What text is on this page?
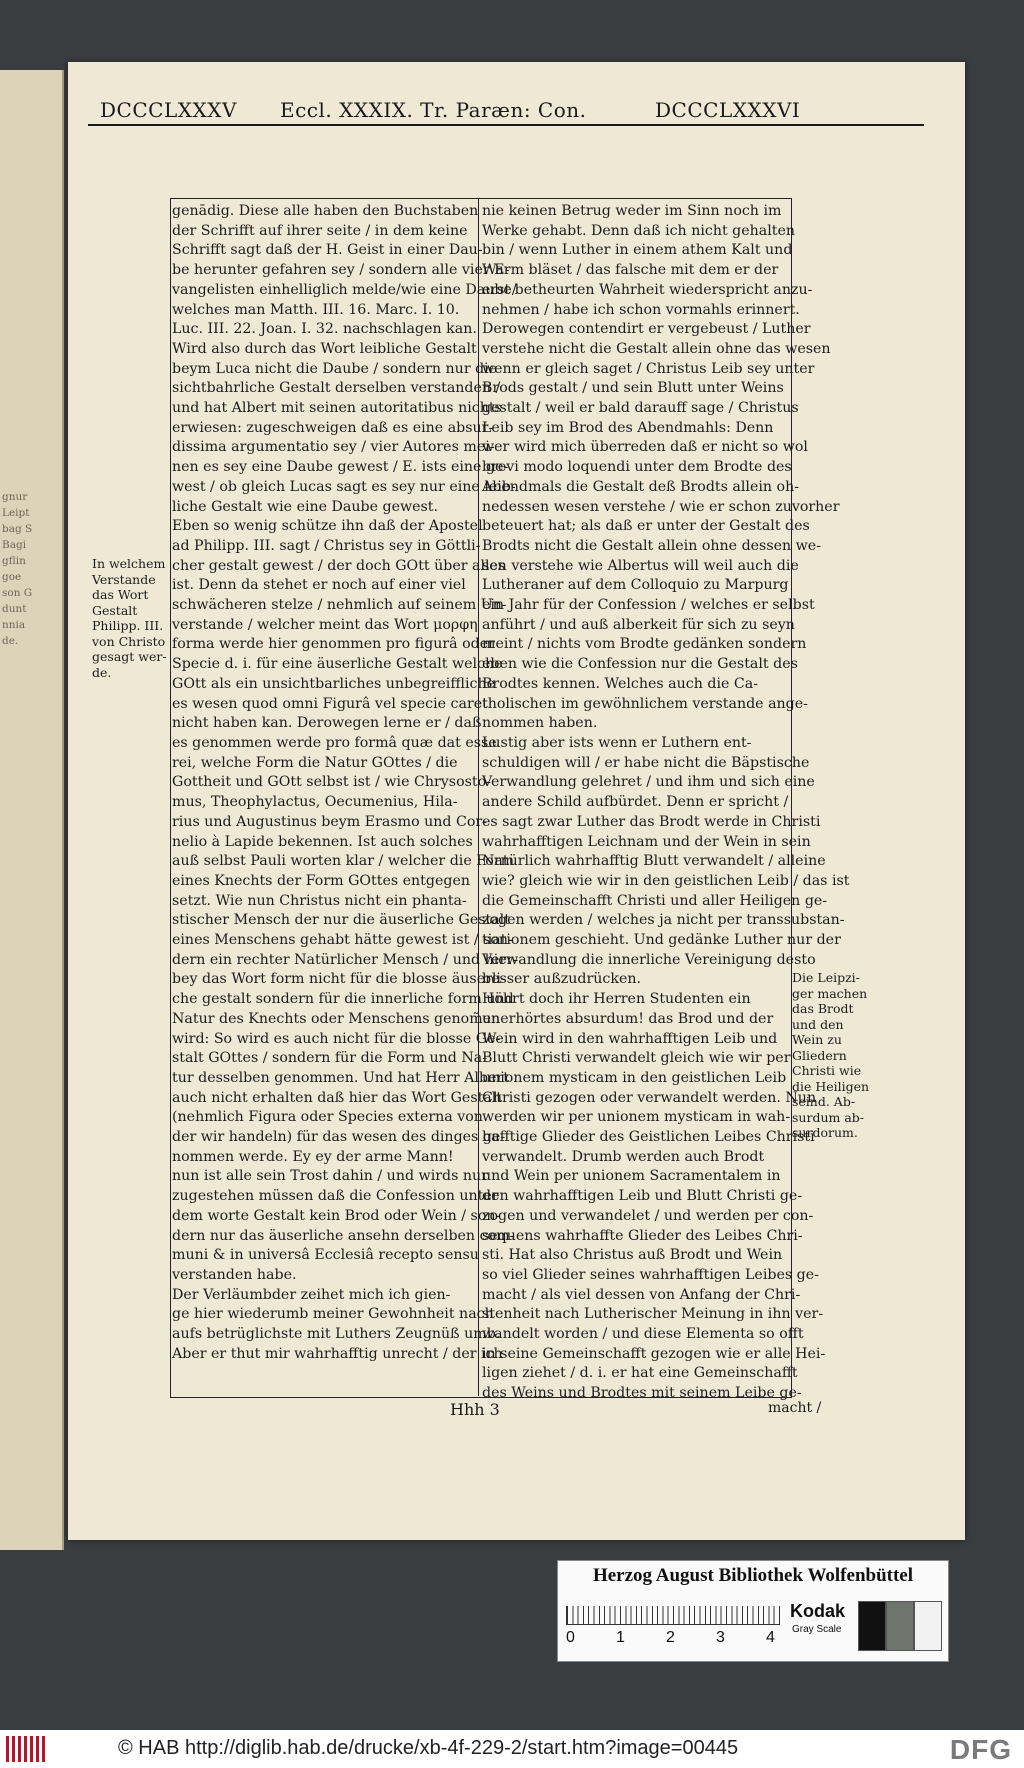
gnur
Leipt
bag S
Bagi
gflin
goe
son G
dunt
nnia
de.
DCCCLXXXV Eccl. XXXIX. Tr. Paræn: Con.	DCCCLXXXVI
genādig. Diese alle haben den Buchstaben
der Schrifft auf ihrer seite / in dem keine
Schrifft sagt daß der H. Geist in einer Dau-
be herunter gefahren sey / sondern alle vier E-
vangelisten einhelliglich melde/wie eine Daube/
welches man Matth. III. 16. Marc. I. 10.
Luc. III. 22. Joan. I. 32. nachschlagen kan.
Wird also durch das Wort leibliche Gestalt
beym Luca nicht die Daube / sondern nur die
sichtbahrliche Gestalt derselben verstanden /
und hat Albert mit seinen autoritatibus nichts
erwiesen: zugeschweigen daß es eine absur-
dissima argumentatio sey / vier Autores mei-
nen es sey eine Daube gewest / E. ists eine ge-
west / ob gleich Lucas sagt es sey nur eine leib-
liche Gestalt wie eine Daube gewest.
Eben so wenig schütze ihn daß der Apostel
ad Philipp. III. sagt / Christus sey in Göttli-
cher gestalt gewest / der doch GOtt über alles
ist. Denn da stehet er noch auf einer viel
schwächeren stelze / nehmlich auf seinem Un-
verstande / welcher meint das Wort μορφη
forma werde hier genommen pro figurâ oder
Specie d. i. für eine äuserliche Gestalt welche
GOtt als ein unsichtbarliches unbegreiffliche
es wesen quod omni Figurâ vel specie caret
nicht haben kan. Derowegen lerne er / daß
es genommen werde pro formâ quæ dat esse
rei, welche Form die Natur GOttes / die
Gottheit und GOtt selbst ist / wie Chrysosto-
mus, Theophylactus, Oecumenius, Hila-
rius und Augustinus beym Erasmo und Cor-
nelio à Lapide bekennen. Ist auch solches
auß selbst Pauli worten klar / welcher die Form
eines Knechts der Form GOttes entgegen
setzt. Wie nun Christus nicht ein phanta-
stischer Mensch der nur die äuserliche Gestalt
eines Menschens gehabt hätte gewest ist / son-
dern ein rechter Natürlicher Mensch / und hier-
bey das Wort form nicht für die blosse äuserli-
che gestalt sondern für die innerliche form und
Natur des Knechts oder Menschens genom̃en
wird: So wird es auch nicht für die blosse Ge-
stalt GOttes / sondern für die Form und Na-
tur desselben genommen. Und hat Herr Albert
auch nicht erhalten daß hier das Wort Gestalt
(nehmlich Figura oder Species externa von
der wir handeln) für das wesen des dinges ge-
nommen werde. Ey ey der arme Mann!
nun ist alle sein Trost dahin / und wirds nur
zugestehen müssen daß die Confession unter
dem worte Gestalt kein Brod oder Wein / son-
dern nur das äuserliche ansehn derselben com-
muni & in universâ Ecclesiâ recepto sensu
verstanden habe.
Der Verläumbder zeihet mich ich gien-
ge hier wiederumb meiner Gewohnheit nach
aufs betrüglichste mit Luthers Zeugnüß umb.
Aber er thut mir wahrhafftig unrecht / der ich
nie keinen Betrug weder im Sinn noch im
Werke gehabt. Denn daß ich nicht gehalten
bin / wenn Luther in einem athem Kalt und
Warm bläset / das falsche mit dem er der
erst betheurten Wahrheit wiederspricht anzu-
nehmen / habe ich schon vormahls erinnert.
Derowegen contendirt er vergebeust / Luther
verstehe nicht die Gestalt allein ohne das wesen
wenn er gleich saget / Christus Leib sey unter
Brods gestalt / und sein Blutt unter Weins
gestalt / weil er bald darauff sage / Christus
Leib sey im Brod des Abendmahls: Denn
wer wird mich überreden daß er nicht so wol
brevi modo loquendi unter dem Brodte des
Abendmals die Gestalt deß Brodts allein oh-
nedessen wesen verstehe / wie er schon zuvorher
beteuert hat; als daß er unter der Gestalt des
Brodts nicht die Gestalt allein ohne dessen we-
sen verstehe wie Albertus will weil auch die
Lutheraner auf dem Colloquio zu Marpurg
ein Jahr für der Confession / welches er selbst
anführt / und auß alberkeit für sich zu seyn
meint / nichts vom Brodte gedänken sondern
eben wie die Confession nur die Gestalt des
Brodtes kennen. Welches auch die Ca-
tholischen im gewöhnlichem verstande ange-
nommen haben.
Lustig aber ists wenn er Luthern ent-
schuldigen will / er habe nicht die Bäpstische
Verwandlung gelehret / und ihm und sich eine
andere Schild aufbürdet. Denn er spricht /
es sagt zwar Luther das Brodt werde in Christi
wahrhafftigen Leichnam und der Wein in sein
Natürlich wahrhafftig Blutt verwandelt / alleine
wie? gleich wie wir in den geistlichen Leib / das ist
die Gemeinschafft Christi und aller Heiligen ge-
zogen werden / welches ja nicht per transsubstan-
tiationem geschieht. Und gedänke Luther nur der
Verwandlung die innerliche Vereinigung desto
besser außzudrücken.
Höhrt doch ihr Herren Studenten ein
unerhörtes absurdum! das Brod und der
Wein wird in den wahrhafftigen Leib und
Blutt Christi verwandelt gleich wie wir per
unionem mysticam in den geistlichen Leib
Christi gezogen oder verwandelt werden. Nun
werden wir per unionem mysticam in wah-
hafftige Glieder des Geistlichen Leibes Christi
verwandelt. Drumb werden auch Brodt
und Wein per unionem Sacramentalem in
den wahrhafftigen Leib und Blutt Christi ge-
zogen und verwandelet / und werden per con-
sequens wahrhaffte Glieder des Leibes Chri-
sti. Hat also Christus auß Brodt und Wein
so viel Glieder seines wahrhafftigen Leibes ge-
macht / als viel dessen von Anfang der Chri-
stenheit nach Lutherischer Meinung in ihn ver-
wandelt worden / und diese Elementa so offt
in seine Gemeinschafft gezogen wie er alle Hei-
ligen ziehet / d. i. er hat eine Gemeinschafft
des Weins und Brodtes mit seinem Leibe ge-
In welchem
Verstande
das Wort
Gestalt
Philipp. III.
von Christo
gesagt wer-
de.
Die Leipzi-
ger machen
das Brodt
und den
Wein zu
Gliedern
Christi wie
die Heiligen
seind. Ab-
surdum ab-
surdorum.
Hhh 3	macht /
Herzog August Bibliothek Wolfenbüttel
0	1	2	3	4
Kodak
Gray Scale
© HAB http://diglib.hab.de/drucke/xb-4f-229-2/start.htm?image=00445	DFG
